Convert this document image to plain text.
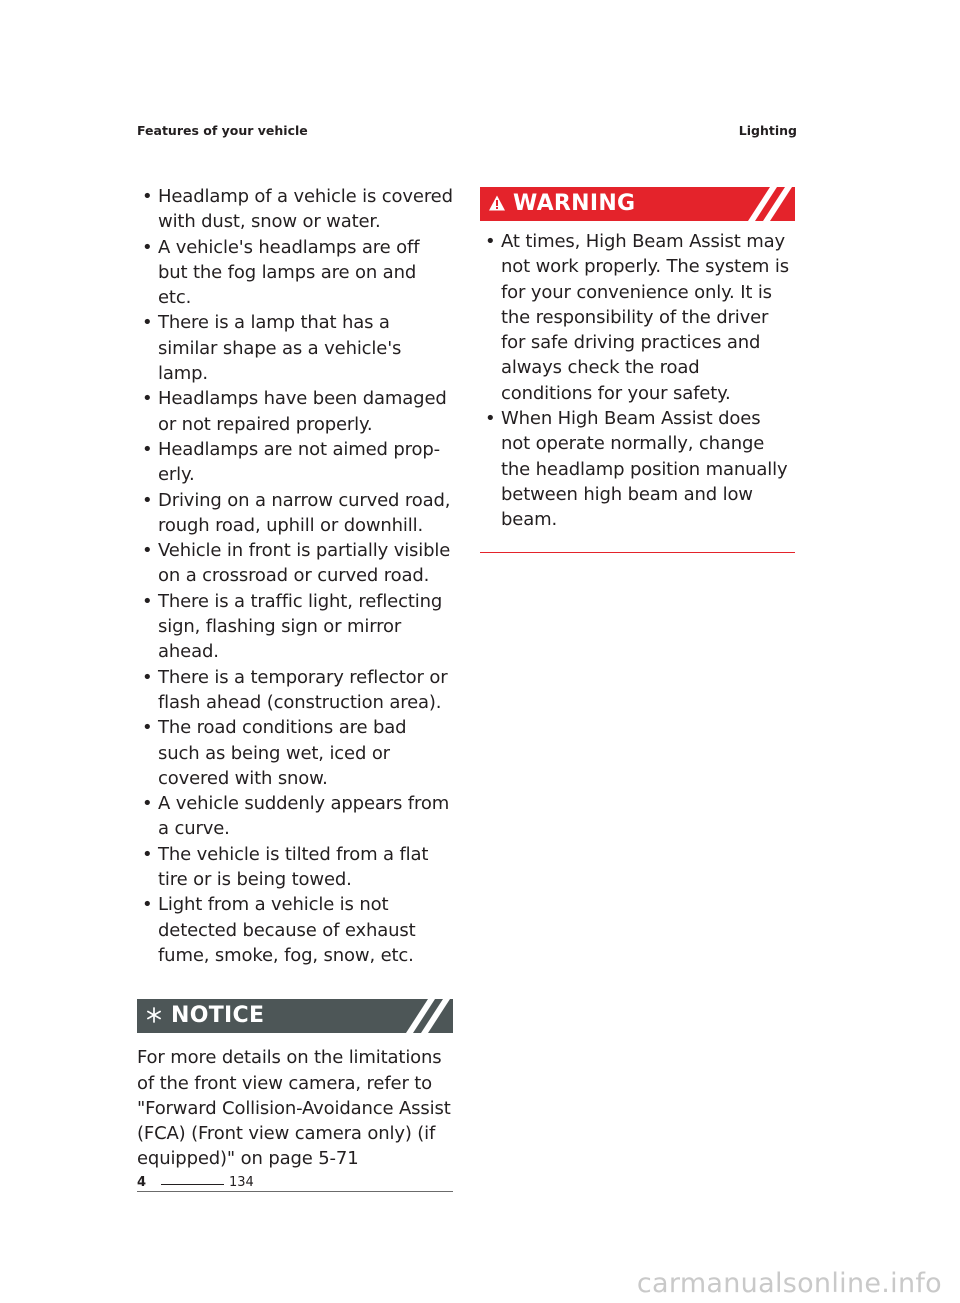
Features of your vehicle	Lighting
• Headlamp of a vehicle is covered with dust, snow or water.
• A vehicle's headlamps are off but the fog lamps are on and etc.
• There is a lamp that has a similar shape as a vehicle's lamp.
• Headlamps have been damaged or not repaired properly.
• Headlamps are not aimed prop-erly.
• Driving on a narrow curved road, rough road, uphill or downhill.
• Vehicle in front is partially visible on a crossroad or curved road.
• There is a traffic light, reflecting sign, flashing sign or mirror ahead.
• There is a temporary reflector or flash ahead (construction area).
• The road conditions are bad such as being wet, iced or covered with snow.
• A vehicle suddenly appears from a curve.
• The vehicle is tilted from a flat tire or is being towed.
• Light from a vehicle is not detected because of exhaust fume, smoke, fog, snow, etc.
NOTICE
For more details on the limitations of the front view camera, refer to "Forward Collision-Avoidance Assist (FCA) (Front view camera only) (if equipped)" on page 5-71
WARNING
• At times, High Beam Assist may not work properly. The system is for your convenience only. It is the responsibility of the driver for safe driving practices and always check the road conditions for your safety.
• When High Beam Assist does not operate normally, change the headlamp position manually between high beam and low beam.
4	134
carmanualsonline.info
